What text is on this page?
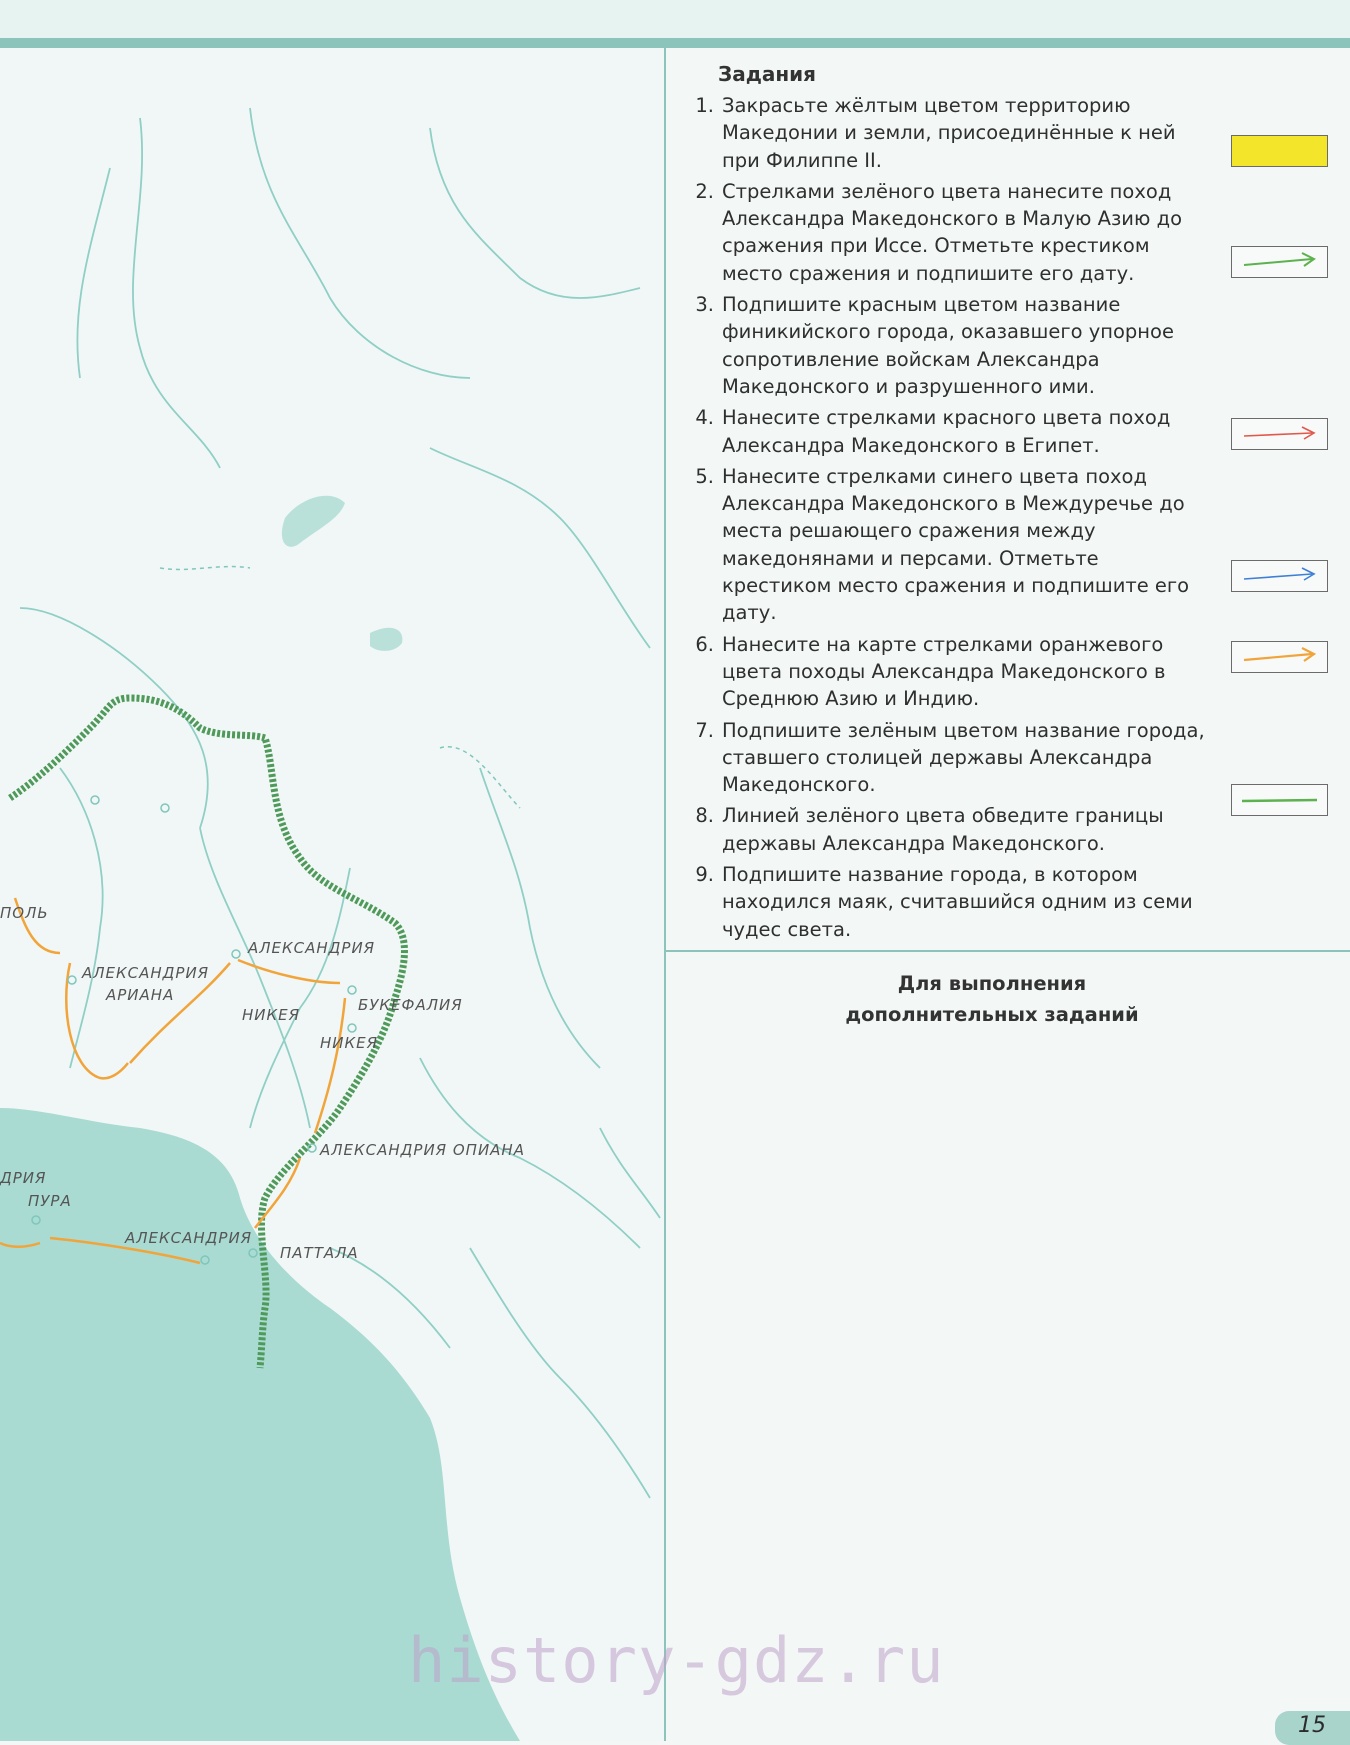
ПОЛЬ
АЛЕКСАНДРИЯ
АРИАНА
АЛЕКСАНДРИЯ
НИКЕЯ
БУКЕФАЛИЯ
НИКЕЯ
АЛЕКСАНДРИЯ ОПИАНА
ДРИЯ
ПУРА
АЛЕКСАНДРИЯ
ПАТТАЛА
Задания
1. Закрасьте жёлтым цветом территорию Македонии и земли, присоединённые к ней при Филиппе II.
2. Стрелками зелёного цвета нанесите поход Александра Македонского в Малую Азию до сражения при Иссе. Отметьте крестиком место сражения и подпишите его дату.
3. Подпишите красным цветом название финикийского города, оказавшего упорное сопротивление войскам Александра Македонского и разрушенного ими.
4. Нанесите стрелками красного цвета поход Александра Македонского в Египет.
5. Нанесите стрелками синего цвета поход Александра Македонского в Междуречье до места решающего сражения между македонянами и персами. Отметьте крестиком место сражения и подпишите его дату.
6. Нанесите на карте стрелками оранжевого цвета походы Александра Македонского в Среднюю Азию и Индию.
7. Подпишите зелёным цветом название города, ставшего столицей державы Александра Македонского.
8. Линией зелёного цвета обведите границы державы Александра Македонского.
9. Подпишите название города, в котором находился маяк, считавшийся одним из семи чудес света.
Для выполнения
дополнительных заданий
history-gdz.ru
15
